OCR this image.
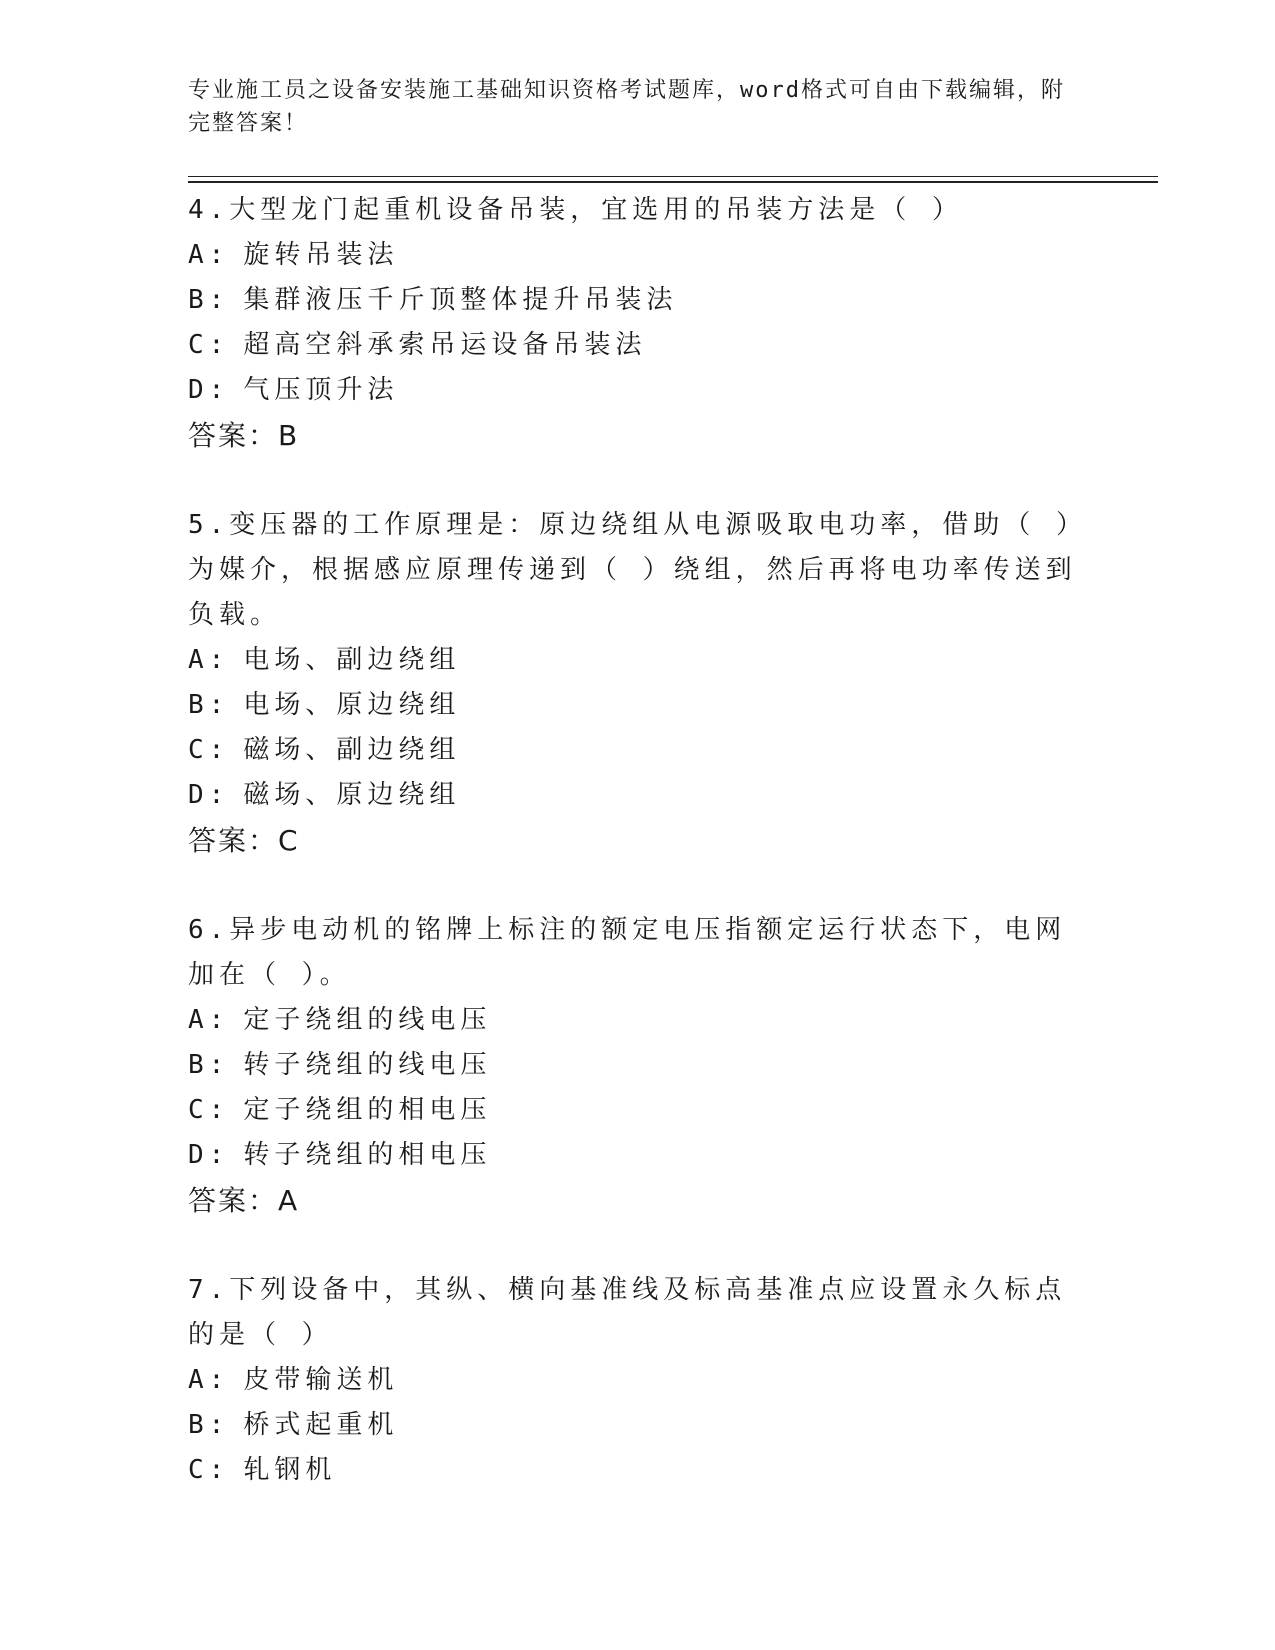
专业施工员之设备安装施工基础知识资格考试题库，word格式可自由下载编辑，附完整答案！
4.大型龙门起重机设备吊装，宜选用的吊装方法是（ ）
A: 旋转吊装法
B: 集群液压千斤顶整体提升吊装法
C: 超高空斜承索吊运设备吊装法
D: 气压顶升法
答案：B
5.变压器的工作原理是：原边绕组从电源吸取电功率，借助（ ）为媒介，根据感应原理传递到（ ）绕组，然后再将电功率传送到负载。
A: 电场、副边绕组
B: 电场、原边绕组
C: 磁场、副边绕组
D: 磁场、原边绕组
答案：C
6.异步电动机的铭牌上标注的额定电压指额定运行状态下，电网加在（ ）。
A: 定子绕组的线电压
B: 转子绕组的线电压
C: 定子绕组的相电压
D: 转子绕组的相电压
答案：A
7.下列设备中，其纵、横向基准线及标高基准点应设置永久标点的是（ ）
A: 皮带输送机
B: 桥式起重机
C: 轧钢机
